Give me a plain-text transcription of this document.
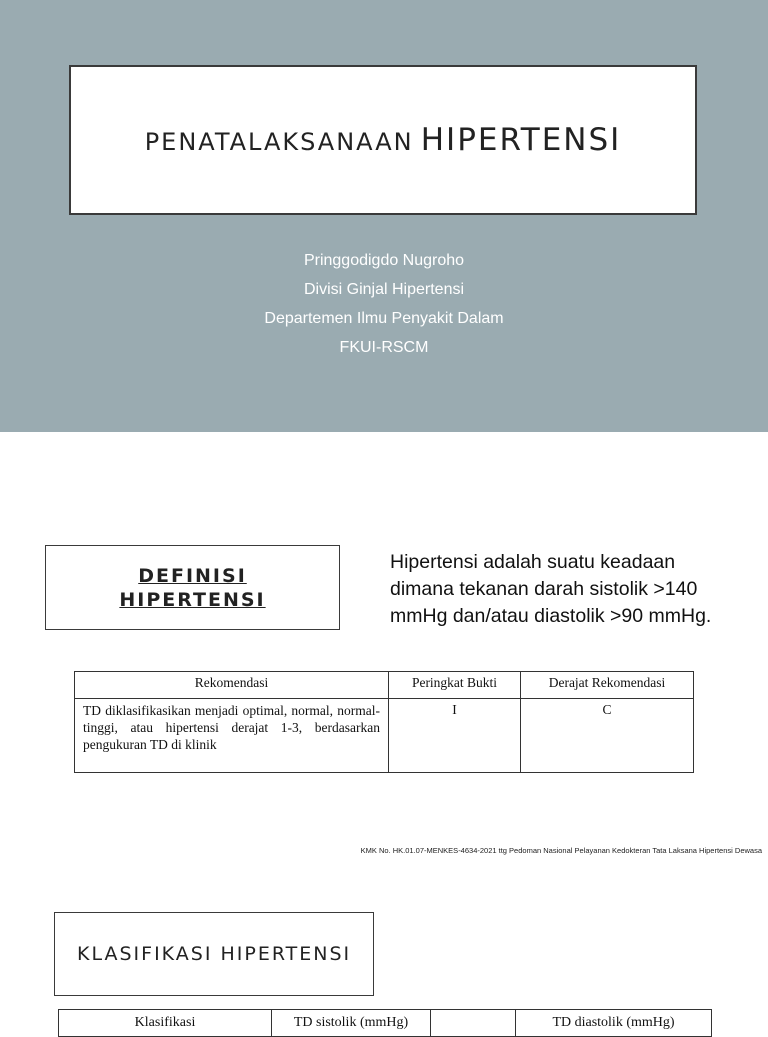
PENATALAKSANAAN HIPERTENSI
Pringgodigdo Nugroho
Divisi Ginjal Hipertensi
Departemen Ilmu Penyakit Dalam
FKUI-RSCM
DEFINISI
HIPERTENSI
Hipertensi adalah suatu keadaan
dimana tekanan darah sistolik >140
mmHg dan/atau diastolik >90 mmHg.
Rekomendasi	Peringkat Bukti	Derajat Rekomendasi
TD diklasifikasikan menjadi optimal, normal, normal-tinggi, atau hipertensi derajat 1-3, berdasarkan pengukuran TD di klinik	I	C
KMK No. HK.01.07-MENKES-4634-2021 ttg Pedoman Nasional Pelayanan Kedokteran Tata Laksana Hipertensi Dewasa
KLASIFIKASI HIPERTENSI
Klasifikasi	TD sistolik (mmHg)		TD diastolik (mmHg)
